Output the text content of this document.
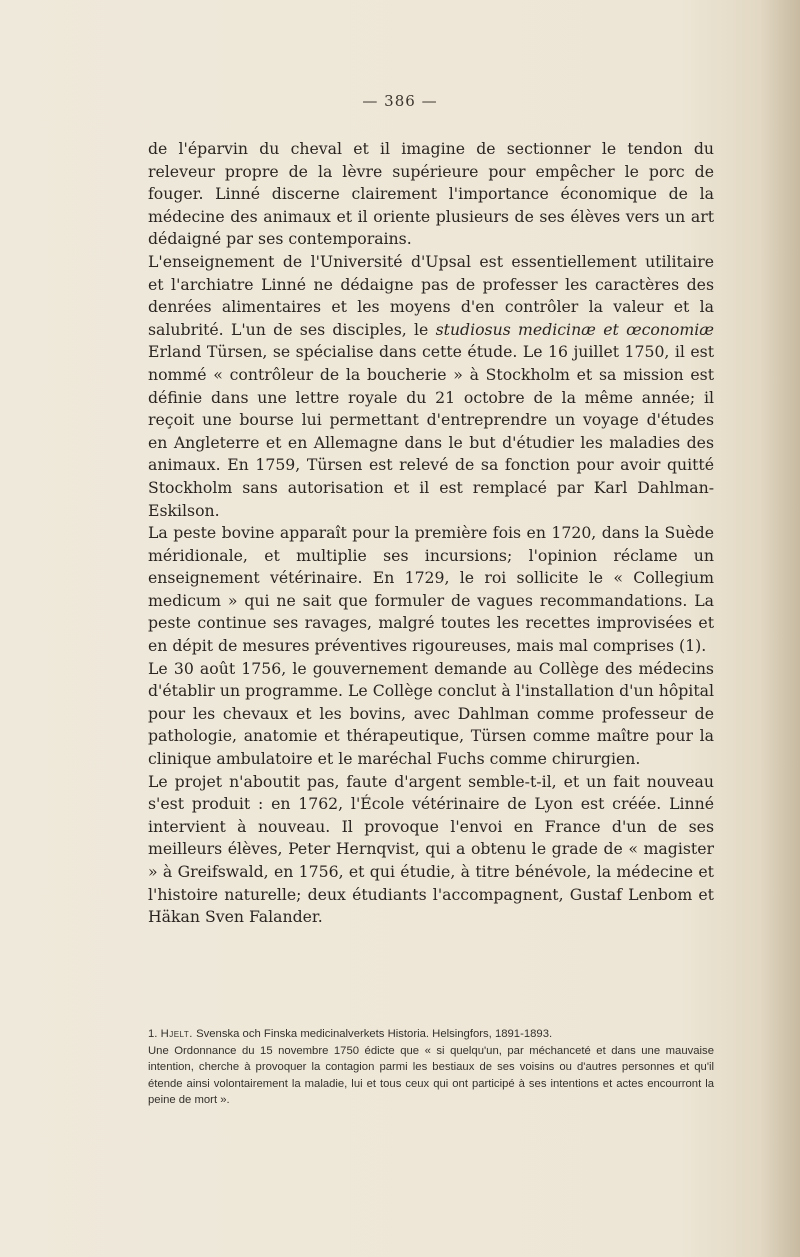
— 386 —

de l'éparvin du cheval et il imagine de sectionner le tendon du releveur propre de la lèvre supérieure pour empêcher le porc de fouger. Linné discerne clairement l'importance économique de la médecine des animaux et il oriente plusieurs de ses élèves vers un art dédaigné par ses contemporains.

L'enseignement de l'Université d'Upsal est essentiellement utilitaire et l'archiatre Linné ne dédaigne pas de professer les caractères des denrées alimentaires et les moyens d'en contrôler la valeur et la salubrité. L'un de ses disciples, le studiosus medicinæ et œconomiæ Erland Türsen, se spécialise dans cette étude. Le 16 juillet 1750, il est nommé « contrôleur de la boucherie » à Stockholm et sa mission est définie dans une lettre royale du 21 octobre de la même année; il reçoit une bourse lui permettant d'entreprendre un voyage d'études en Angleterre et en Allemagne dans le but d'étudier les maladies des animaux. En 1759, Türsen est relevé de sa fonction pour avoir quitté Stockholm sans autorisation et il est remplacé par Karl Dahlman-Eskilson.

La peste bovine apparaît pour la première fois en 1720, dans la Suède méridionale, et multiplie ses incursions; l'opinion réclame un enseignement vétérinaire. En 1729, le roi sollicite le « Collegium medicum » qui ne sait que formuler de vagues recommandations. La peste continue ses ravages, malgré toutes les recettes improvisées et en dépit de mesures préventives rigoureuses, mais mal comprises (1).

Le 30 août 1756, le gouvernement demande au Collège des médecins d'établir un programme. Le Collège conclut à l'installation d'un hôpital pour les chevaux et les bovins, avec Dahlman comme professeur de pathologie, anatomie et thérapeutique, Türsen comme maître pour la clinique ambulatoire et le maréchal Fuchs comme chirurgien.

Le projet n'aboutit pas, faute d'argent semble-t-il, et un fait nouveau s'est produit : en 1762, l'École vétérinaire de Lyon est créée. Linné intervient à nouveau. Il provoque l'envoi en France d'un de ses meilleurs élèves, Peter Hernqvist, qui a obtenu le grade de « magister » à Greifswald, en 1756, et qui étudie, à titre bénévole, la médecine et l'histoire naturelle; deux étudiants l'accompagnent, Gustaf Lenbom et Häkan Sven Falander.

1. Hjelt. Svenska och Finska medicinalverkets Historia. Helsingfors, 1891-1893.

Une Ordonnance du 15 novembre 1750 édicte que « si quelqu'un, par méchanceté et dans une mauvaise intention, cherche à provoquer la contagion parmi les bestiaux de ses voisins ou d'autres personnes et qu'il étende ainsi volontairement la maladie, lui et tous ceux qui ont participé à ses intentions et actes encourront la peine de mort ».
